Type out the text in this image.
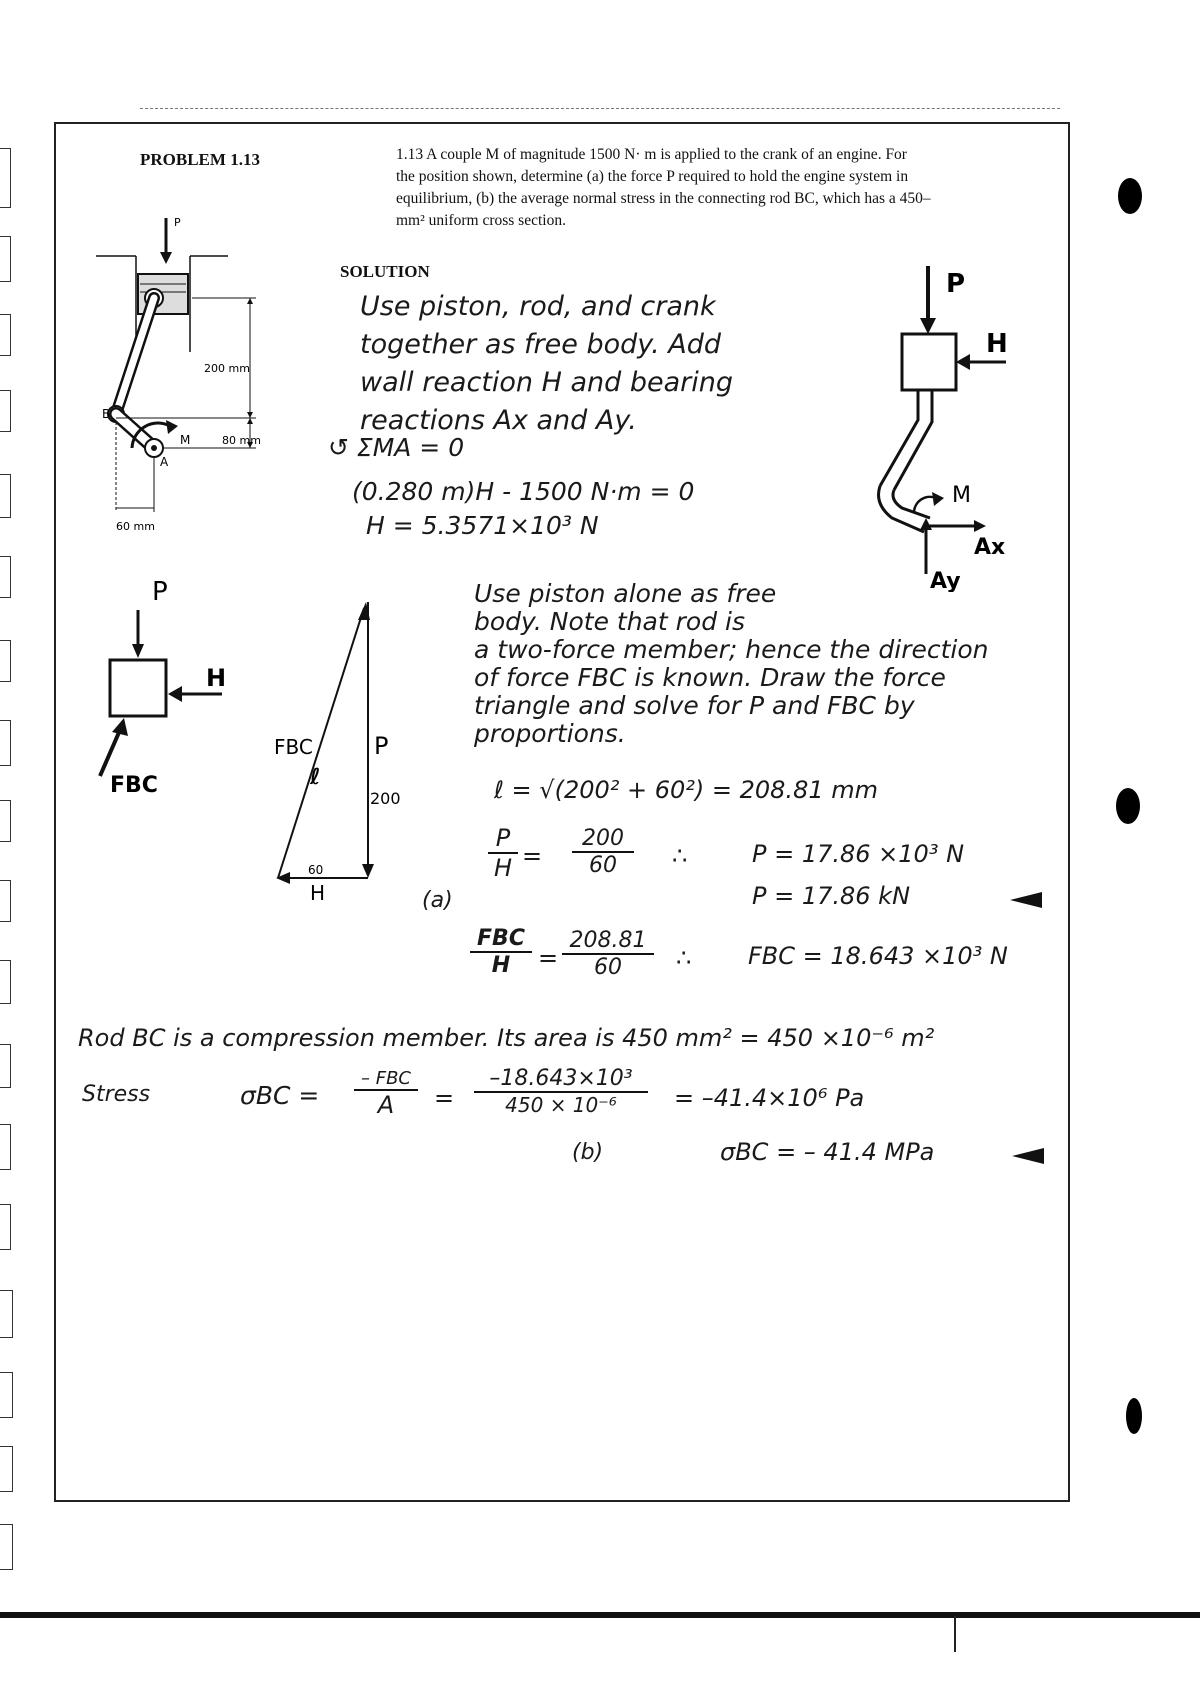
PROBLEM 1.13	1.13 A couple M of magnitude 1500 N· m is applied to the crank of an engine. For
the position shown, determine (a) the force P required to hold the engine system in
equilibrium, (b) the average normal stress in the connecting rod BC, which has a 450–
mm² uniform cross section.
P
B
M
A
200 mm
80 mm
60 mm
SOLUTION
Use piston, rod, and crank
together as free body. Add
wall reaction H and bearing
reactions Ax and Ay.
↺ ΣMA = 0
(0.280 m)H - 1500 N·m = 0
H = 5.3571×10³ N
P
H
M
Ax
Ay
P
H
FBC
FBC	P
ℓ
200
60
H
Use piston alone as free
body. Note that rod is
a two-force member; hence the direction
of force FBC is known. Draw the force
triangle and solve for P and FBC by
proportions.
ℓ = √(200² + 60²) = 208.81 mm
$\frac{P}{H} = \frac{200}{60}$ ∴	P = 17.86 ×10³ N
P = 17.86 kN
(a)
FBC
H	= $\frac{208.81}{60}$ ∴ FBC = 18.643 ×10³ N
Rod BC is a compression member. Its area is 450 mm² = 450 ×10⁻⁶ m²
Stress	σBC =
– FBC
A	= $\frac{\text{–18.643×10³}}{\text{450 × 10⁻⁶}} = -41.4\times 10^6$ Pa
(b)	σBC = – 41.4 MPa
